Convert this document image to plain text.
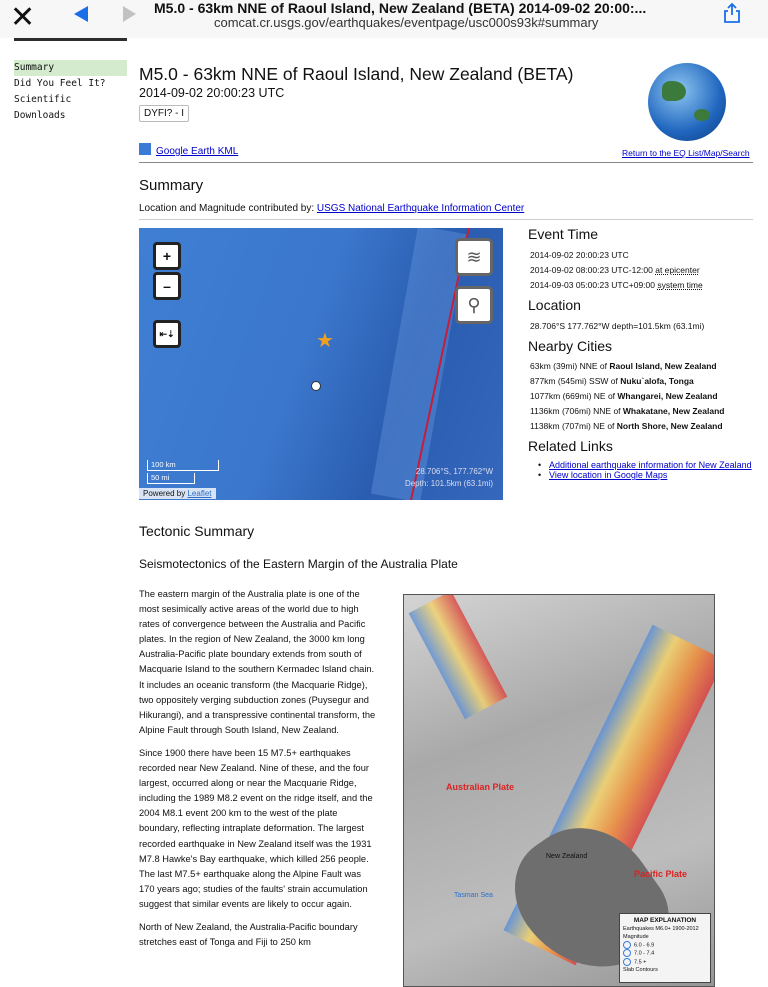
✕	M5.0 - 63km NNE of Raoul Island, New Zealand (BETA) 2014-09-02 20:00:...
comcat.cr.usgs.gov/earthquakes/eventpage/usc000s93k#summary
Summary
Did You Feel It?
Scientific
Downloads
M5.0 - 63km NNE of Raoul Island, New Zealand (BETA)
2014-09-02 20:00:23 UTC
DYFI? - I
Google Earth KML	Return to the EQ List/Map/Search
Summary
Location and Magnitude contributed by: USGS National Earthquake Information Center
+
–
⇤⇣
≋
⚲
★
100 km
50 mi
Powered by Leaflet
28.706°S, 177.762°W
Depth: 101.5km (63.1mi)
Event Time
2014-09-02 20:00:23 UTC
2014-09-02 08:00:23 UTC-12:00 at epicenter
2014-09-03 05:00:23 UTC+09:00 system time
Location
28.706°S 177.762°W depth=101.5km (63.1mi)
Nearby Cities
63km (39mi) NNE of Raoul Island, New Zealand
877km (545mi) SSW of Nuku`alofa, Tonga
1077km (669mi) NE of Whangarei, New Zealand
1136km (706mi) NNE of Whakatane, New Zealand
1138km (707mi) NE of North Shore, New Zealand
Related Links
• Additional earthquake information for New Zealand
• View location in Google Maps
Tectonic Summary
Seismotectonics of the Eastern Margin of the Australia Plate

The eastern margin of the Australia plate is one of the most sesimically active areas of the world due to high rates of convergence between the Australia and Pacific plates. In the region of New Zealand, the 3000 km long Australia-Pacific plate boundary extends from south of Macquarie Island to the southern Kermadec Island chain. It includes an oceanic transform (the Macquarie Ridge), two oppositely verging subduction zones (Puysegur and Hikurangi), and a transpressive continental transform, the Alpine Fault through South Island, New Zealand.

Since 1900 there have been 15 M7.5+ earthquakes recorded near New Zealand. Nine of these, and the four largest, occurred along or near the Macquarie Ridge, including the 1989 M8.2 event on the ridge itself, and the 2004 M8.1 event 200 km to the west of the plate boundary, reflecting intraplate deformation. The largest recorded earthquake in New Zealand itself was the 1931 M7.8 Hawke's Bay earthquake, which killed 256 people. The last M7.5+ earthquake along the Alpine Fault was 170 years ago; studies of the faults' strain accumulation suggest that similar events are likely to occur again.

North of New Zealand, the Australia-Pacific boundary stretches east of Tonga and Fiji to 250 km

Australian Plate
Pacific Plate
New Zealand
Tasman Sea
MAP EXPLANATION
Earthquakes M6.0+ 1900-2012
Magnitude
6.0 - 6.9
7.0 - 7.4
7.5 +
Slab Contours
